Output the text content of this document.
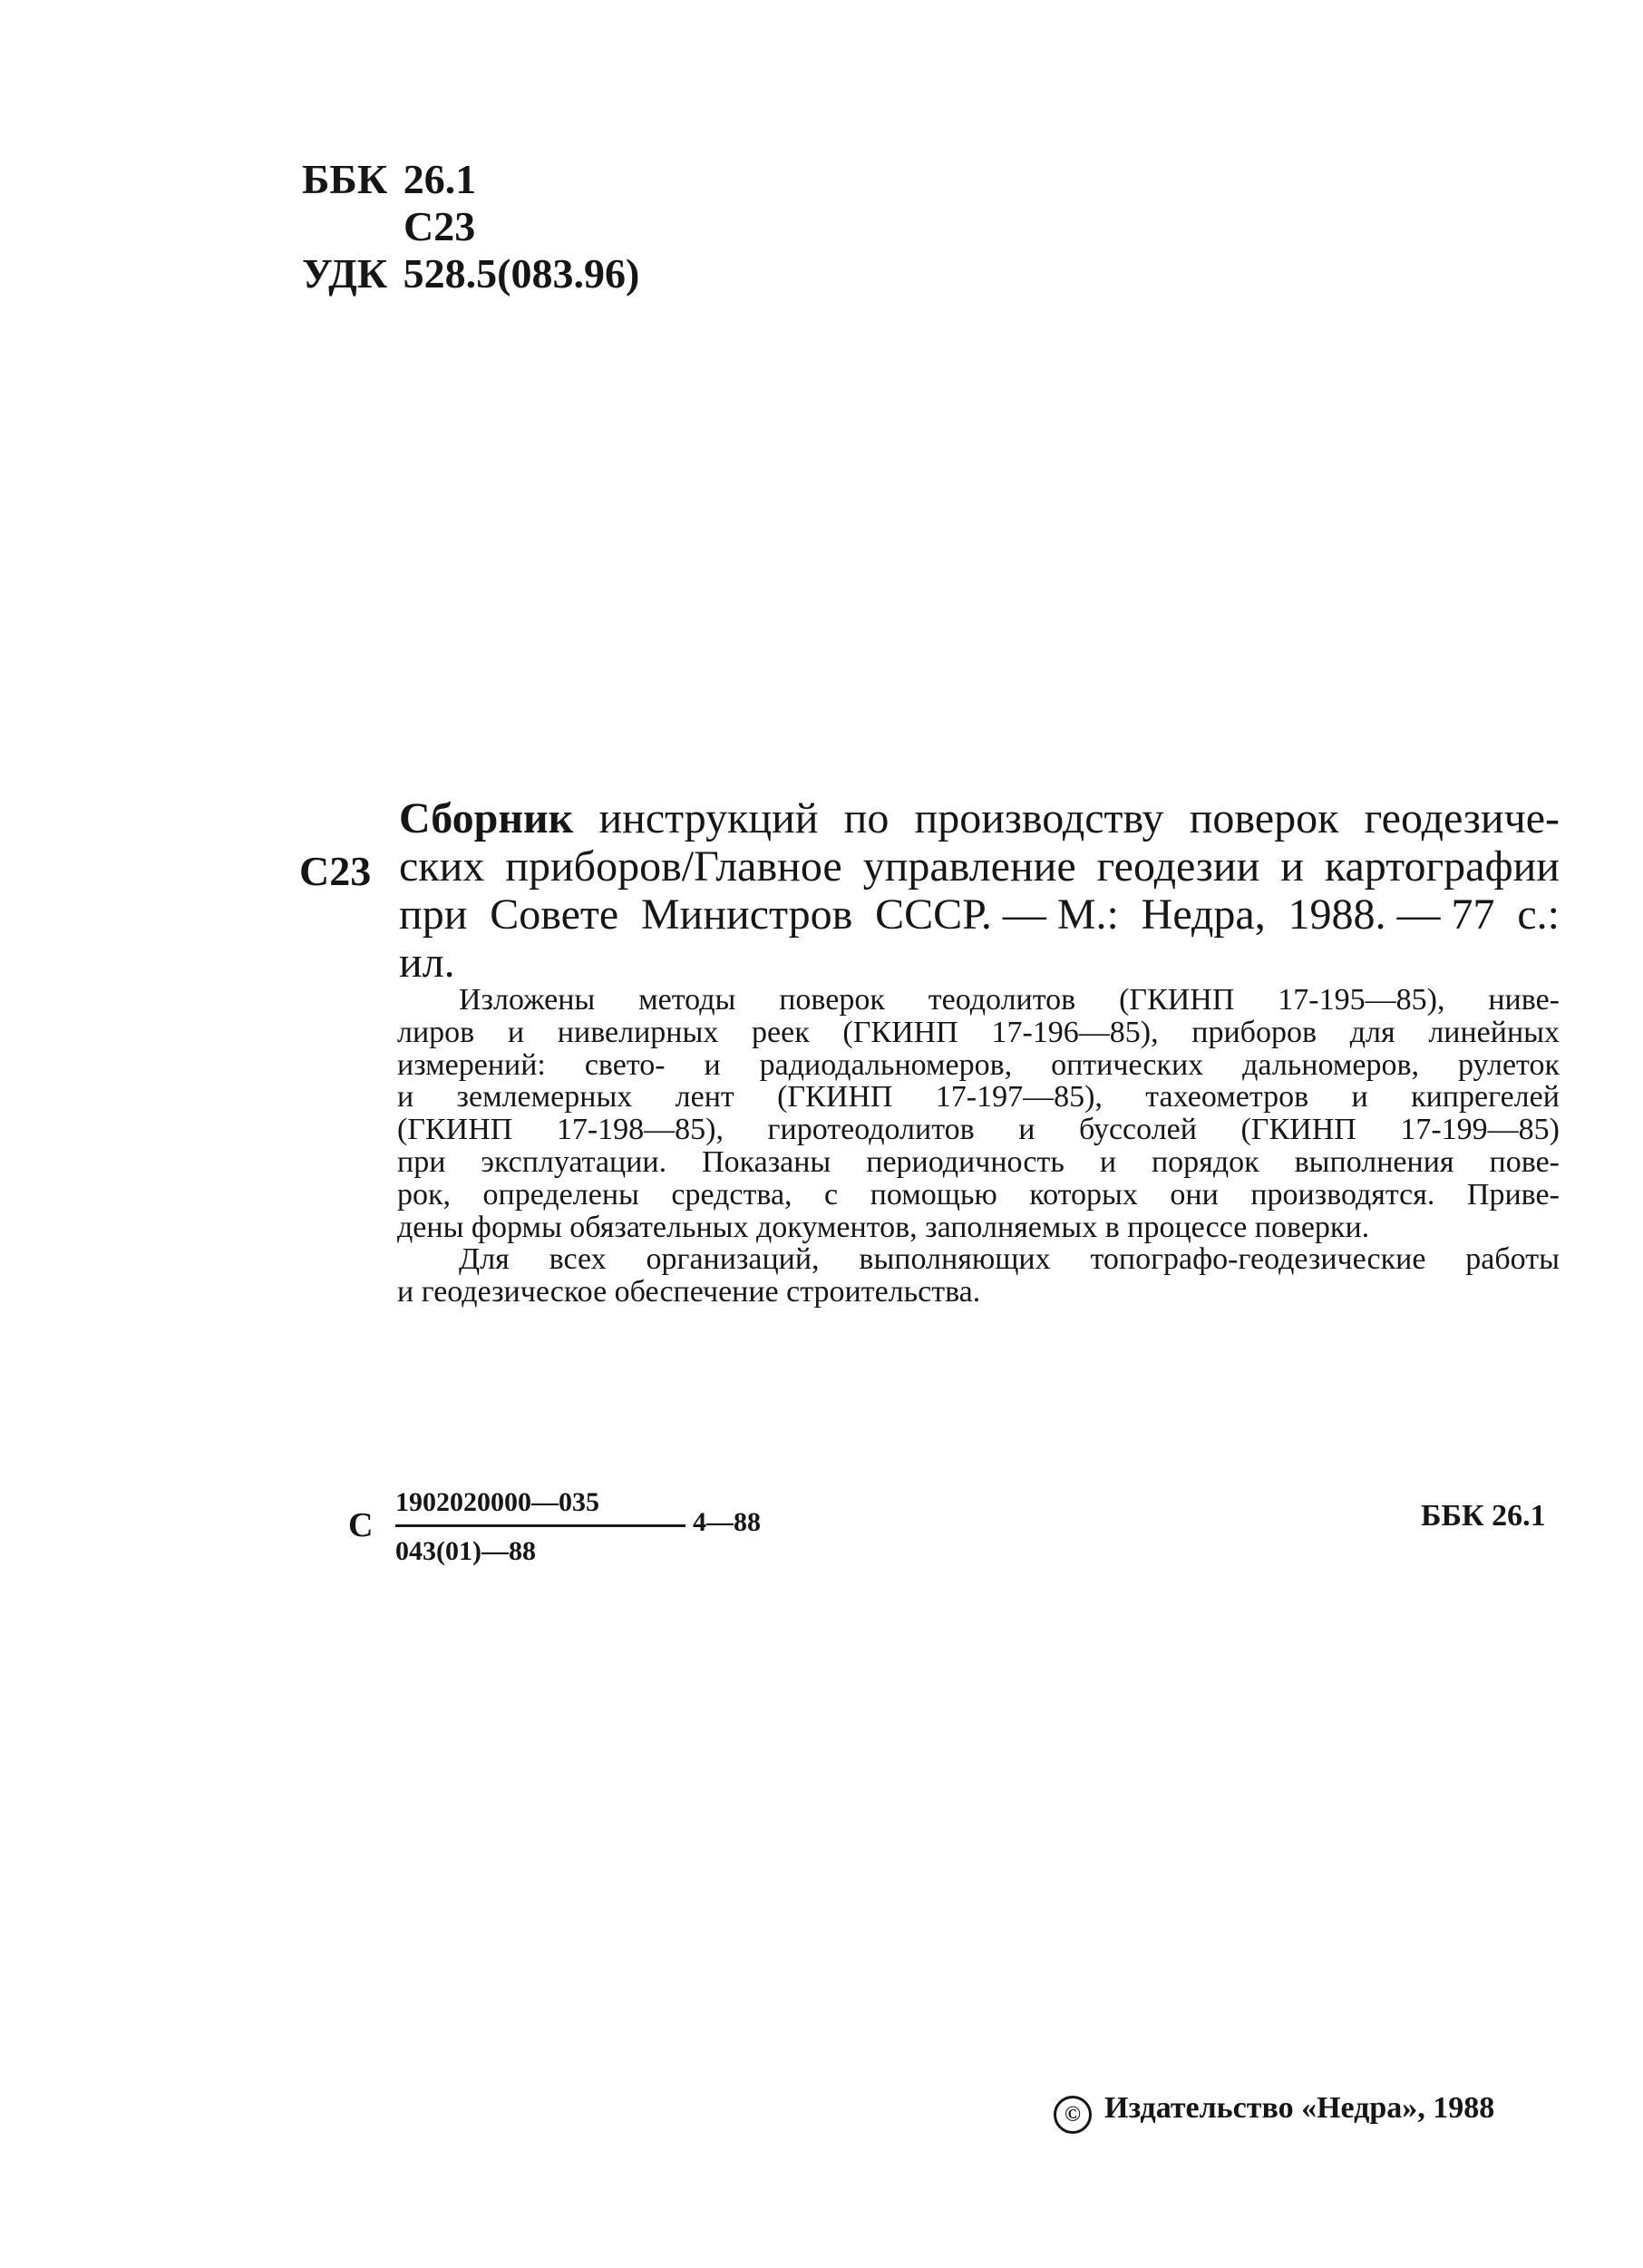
ББК 26.1
С23
УДК 528.5(083.96)
С23
Сборник инструкций по производству поверок геодезиче-
ских приборов/Главное управление геодезии и картографии
при Совете Министров СССР. — М.: Недра, 1988. — 77 с.:
ил.
Изложены методы поверок теодолитов (ГКИНП 17-195—85), ниве-
лиров и нивелирных реек (ГКИНП 17-196—85), приборов для линейных
измерений: свето- и радиодальномеров, оптических дальномеров, рулеток
и землемерных лент (ГКИНП 17-197—85), тахеометров и кипрегелей
(ГКИНП 17-198—85), гиротеодолитов и буссолей (ГКИНП 17-199—85)
при эксплуатации. Показаны периодичность и порядок выполнения пове-
рок, определены средства, с помощью которых они производятся. Приве-
дены формы обязательных документов, заполняемых в процессе поверки.
Для всех организаций, выполняющих топографо-геодезические работы
и геодезическое обеспечение строительства.
С
1902020000—035
043(01)—88
4—88	ББК 26.1
© Издательство «Недра», 1988
